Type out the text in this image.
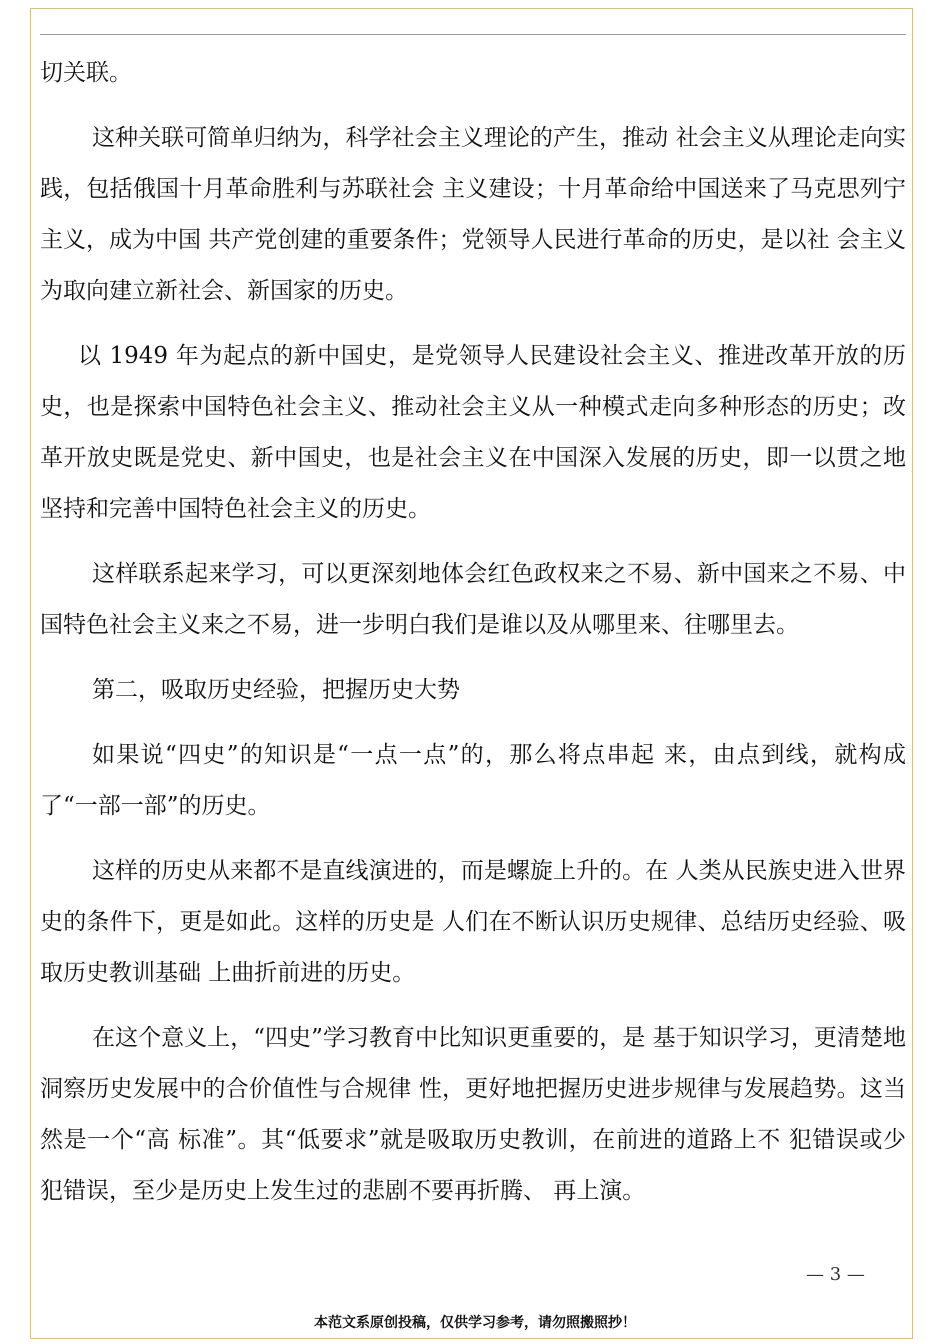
切关联。

这种关联可简单归纳为，科学社会主义理论的产生，推动 社会主义从理论走向实践，包括俄国十月革命胜利与苏联社会 主义建设；十月革命给中国送来了马克思列宁主义，成为中国 共产党创建的重要条件；党领导人民进行革命的历史，是以社 会主义为取向建立新社会、新国家的历史。

以 1949 年为起点的新中国史，是党领导人民建设社会主义、推进改革开放的历史，也是探索中国特色社会主义、推动社会主义从一种模式走向多种形态的历史；改革开放史既是党史、新中国史，也是社会主义在中国深入发展的历史，即一以贯之地坚持和完善中国特色社会主义的历史。

这样联系起来学习，可以更深刻地体会红色政权来之不易、新中国来之不易、中国特色社会主义来之不易，进一步明白我们是谁以及从哪里来、往哪里去。

第二，吸取历史经验，把握历史大势

如果说“四史”的知识是“一点一点”的，那么将点串起 来，由点到线，就构成了“一部一部”的历史。

这样的历史从来都不是直线演进的，而是螺旋上升的。在 人类从民族史进入世界史的条件下，更是如此。这样的历史是 人们在不断认识历史规律、总结历史经验、吸取历史教训基础 上曲折前进的历史。

在这个意义上，“四史”学习教育中比知识更重要的，是 基于知识学习，更清楚地洞察历史发展中的合价值性与合规律 性，更好地把握历史进步规律与发展趋势。这当然是一个“高 标准”。其“低要求”就是吸取历史教训，在前进的道路上不 犯错误或少犯错误，至少是历史上发生过的悲剧不要再折腾、 再上演。

— 3 —
本范文系原创投稿，仅供学习参考，请勿照搬照抄！
